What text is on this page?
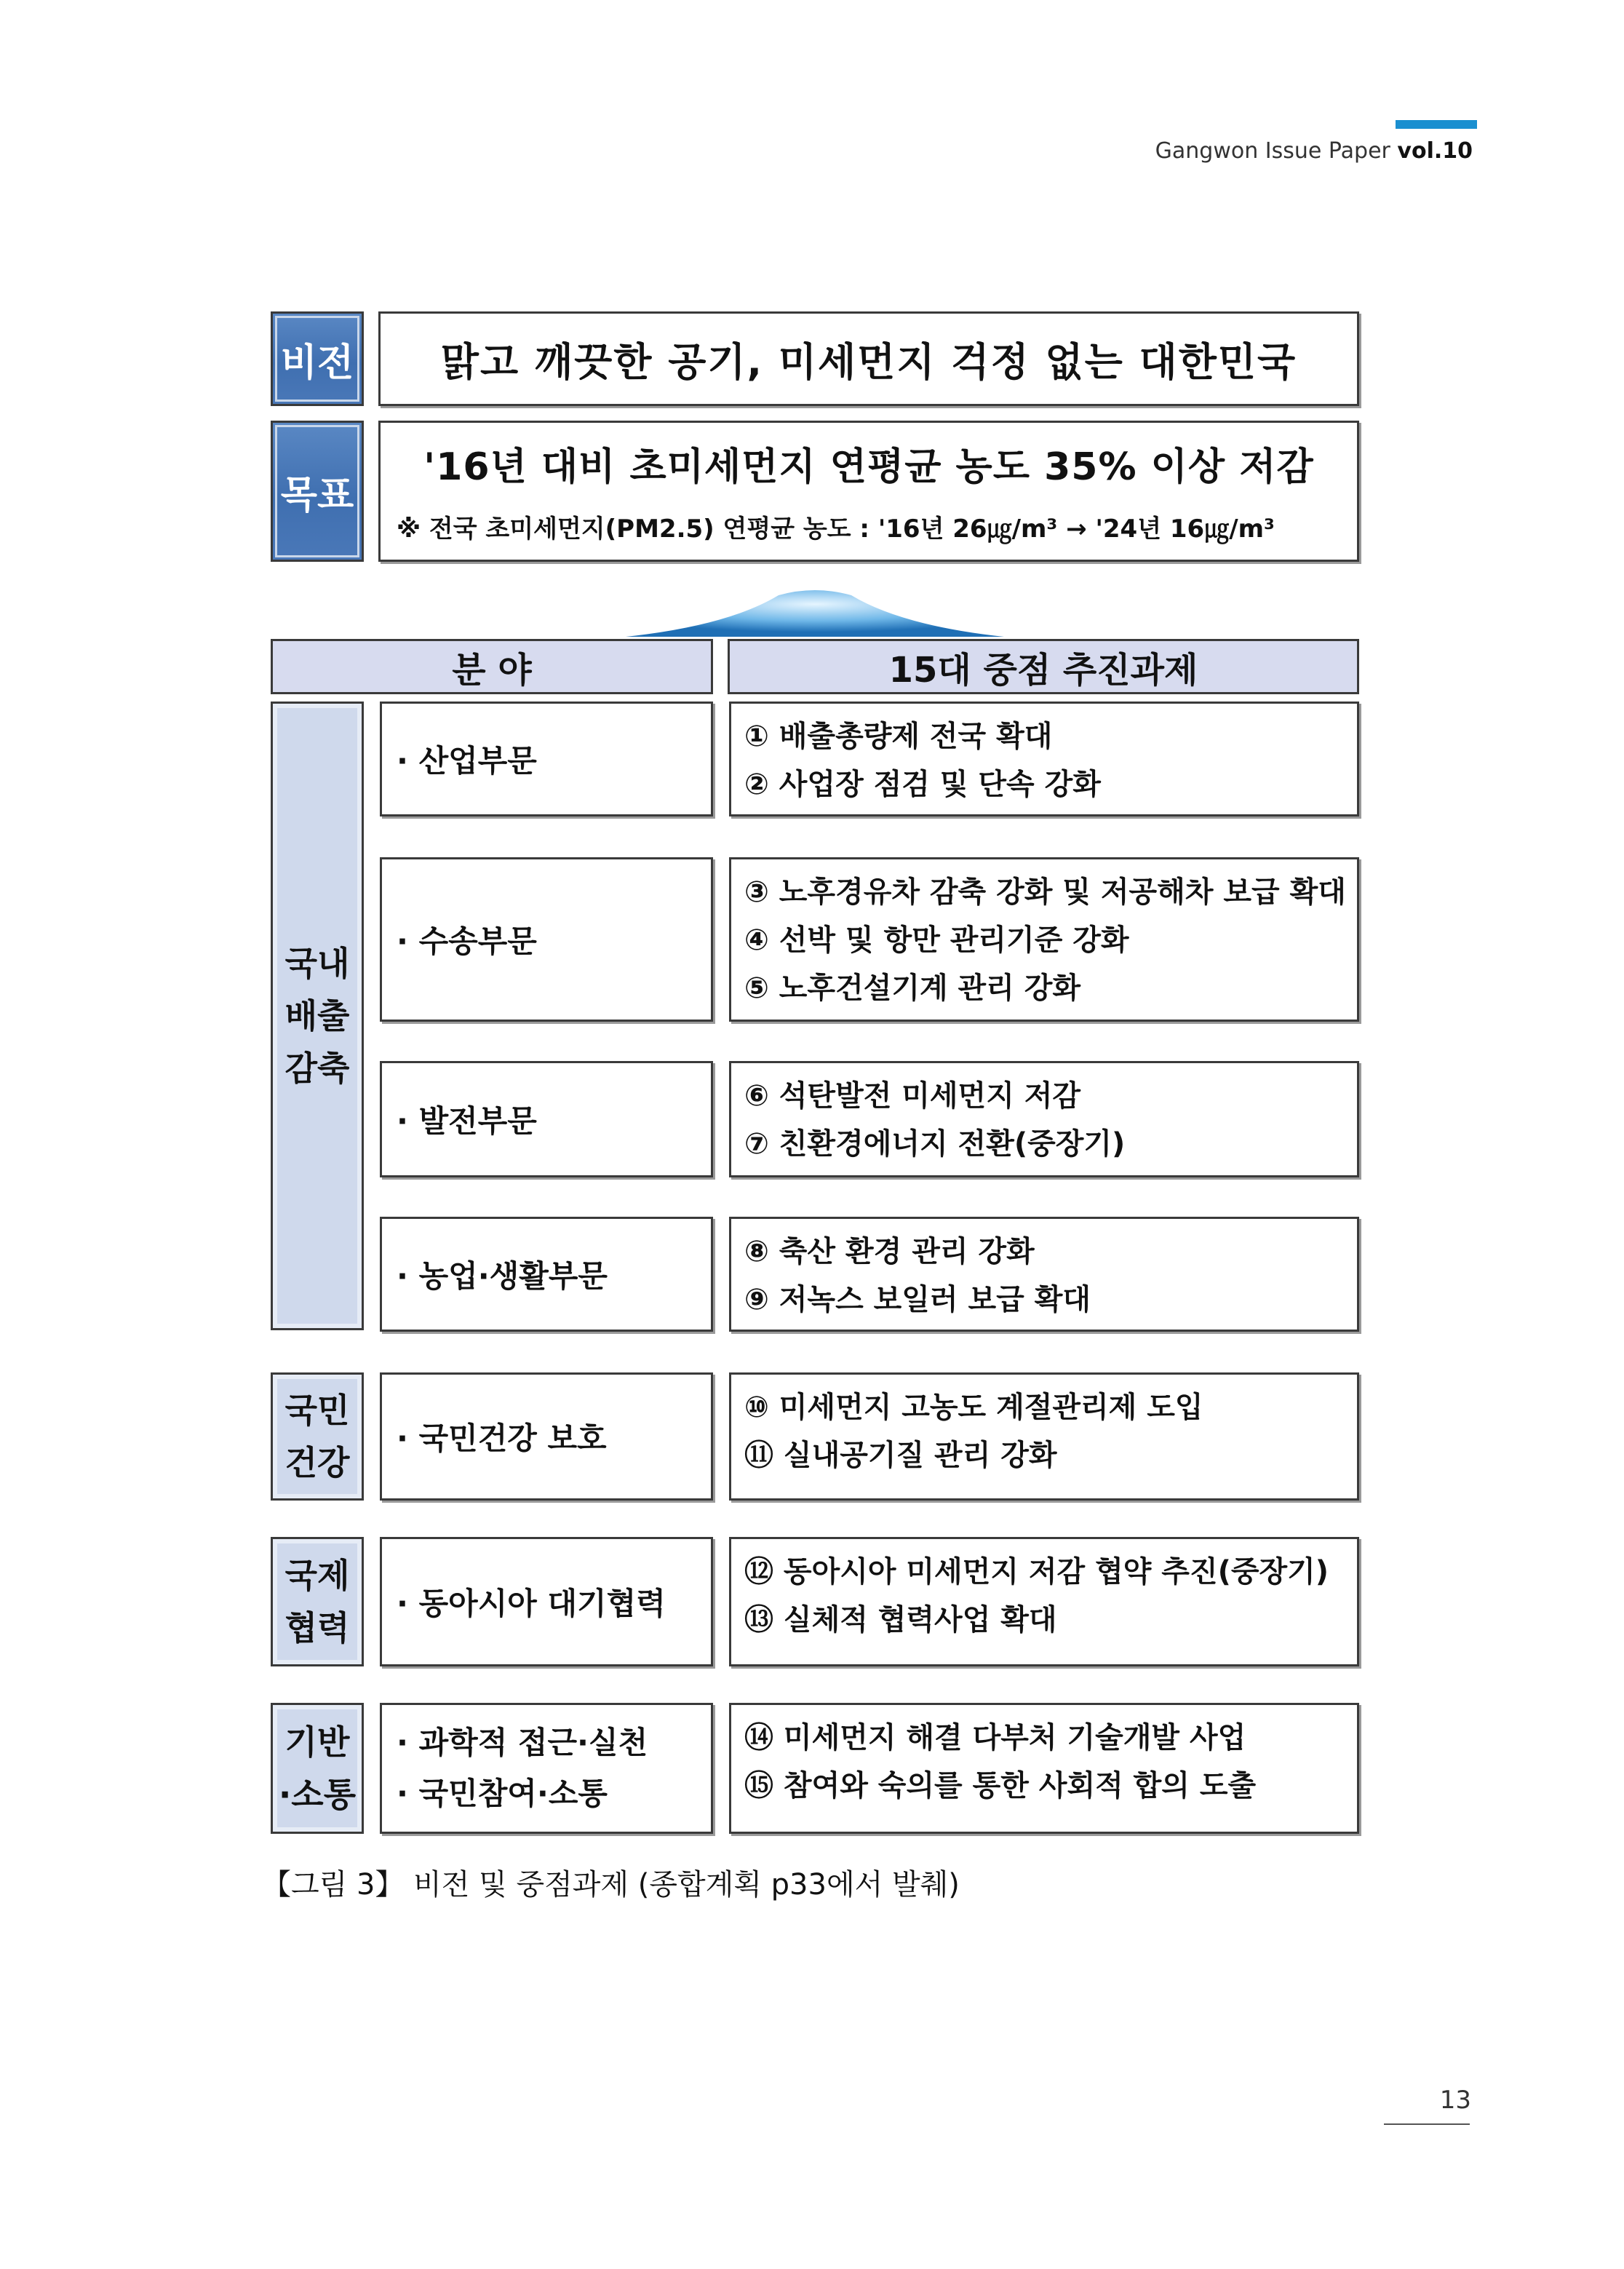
Gangwon Issue Paper vol.10
비전	맑고 깨끗한 공기, 미세먼지 걱정 없는 대한민국
목표
'16년 대비 초미세먼지 연평균 농도 35% 이상 저감
※ 전국 초미세먼지(PM2.5) 연평균 농도 : '16년 26㎍/m³ → '24년 16㎍/m³
분 야	15대 중점 추진과제
국내
배출
감축
· 산업부문
① 배출총량제 전국 확대
② 사업장 점검 및 단속 강화
· 수송부문
③ 노후경유차 감축 강화 및 저공해차 보급 확대
④ 선박 및 항만 관리기준 강화
⑤ 노후건설기계 관리 강화
· 발전부문
⑥ 석탄발전 미세먼지 저감
⑦ 친환경에너지 전환(중장기)
· 농업·생활부문
⑧ 축산 환경 관리 강화
⑨ 저녹스 보일러 보급 확대
국민
건강
· 국민건강 보호
⑩ 미세먼지 고농도 계절관리제 도입
⑪ 실내공기질 관리 강화
국제
협력
· 동아시아 대기협력
⑫ 동아시아 미세먼지 저감 협약 추진(중장기)
⑬ 실체적 협력사업 확대
기반
·소통
· 과학적 접근·실천
· 국민참여·소통
⑭ 미세먼지 해결 다부처 기술개발 사업
⑮ 참여와 숙의를 통한 사회적 합의 도출
【그림 3】 비전 및 중점과제 (종합계획 p33에서 발췌)
13
